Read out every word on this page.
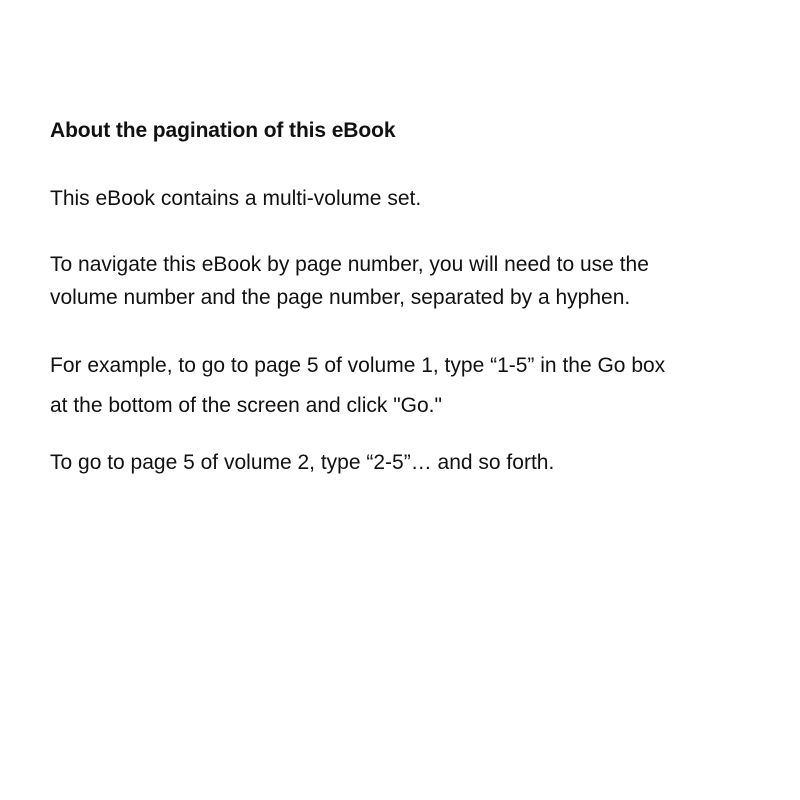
About the pagination of this eBook
This eBook contains a multi-volume set.
To navigate this eBook by page number, you will need to use the
volume number and the page number, separated by a hyphen.
For example, to go to page 5 of volume 1, type “1-5” in the Go box
at the bottom of the screen and click "Go."
To go to page 5 of volume 2, type “2-5”… and so forth.
